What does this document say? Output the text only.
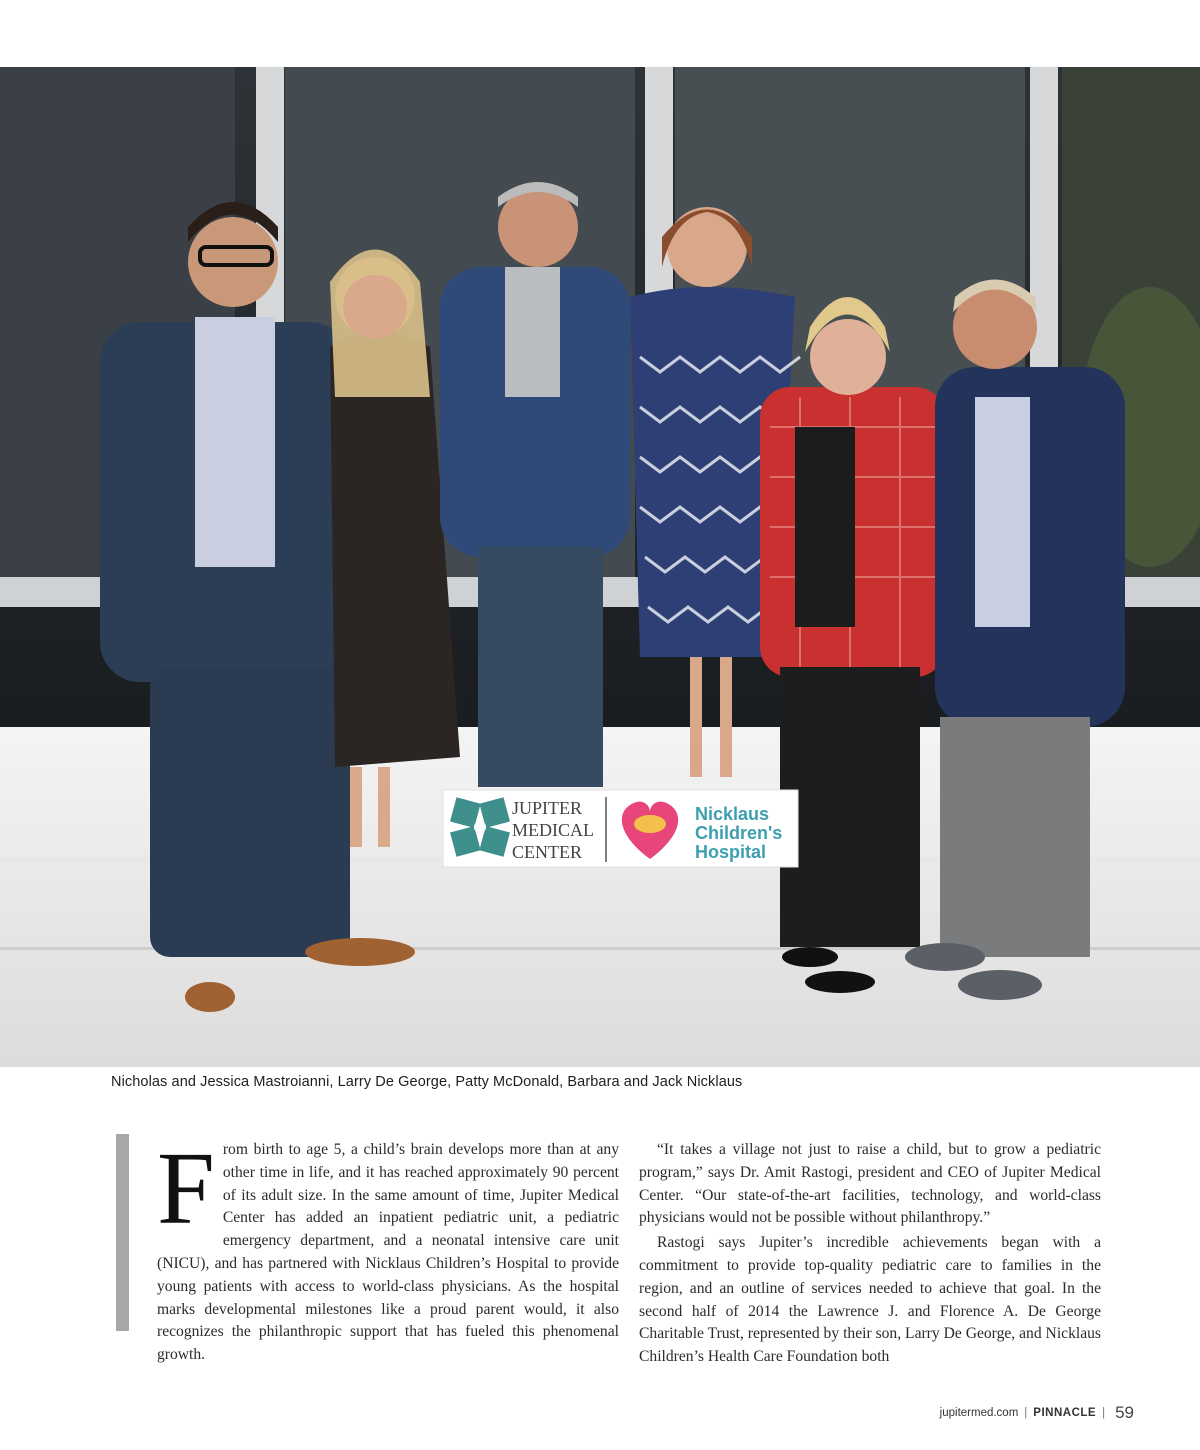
JUPITER
MEDICAL
CENTER
Nicklaus
Children's
Hospital
Nicholas and Jessica Mastroianni, Larry De George, Patty McDonald, Barbara and Jack Nicklaus
F rom birth to age 5, a child’s brain develops more than at any other time in life, and it has reached approximately 90 percent of its adult size. In the same amount of time, Jupiter Medical Center has added an inpatient pediatric unit, a pediatric emergency department, and a neonatal intensive care unit (NICU), and has partnered with Nicklaus Children’s Hospital to provide young patients with access to world-class physicians. As the hospital marks developmental milestones like a proud parent would, it also recognizes the philanthropic support that has fueled this phenomenal growth.

“It takes a village not just to raise a child, but to grow a pediatric program,” says Dr. Amit Rastogi, president and CEO of Jupiter Medical Center. “Our state-of-the-art facilities, technology, and world-class physicians would not be possible without philanthropy.”

Rastogi says Jupiter’s incredible achievements began with a commitment to provide top-quality pediatric care to families in the region, and an outline of services needed to achieve that goal. In the second half of 2014 the Lawrence J. and Florence A. De George Charitable Trust, represented by their son, Larry De George, and Nicklaus Children’s Health Care Foundation both

jupitermed.com | PINNACLE | 59
